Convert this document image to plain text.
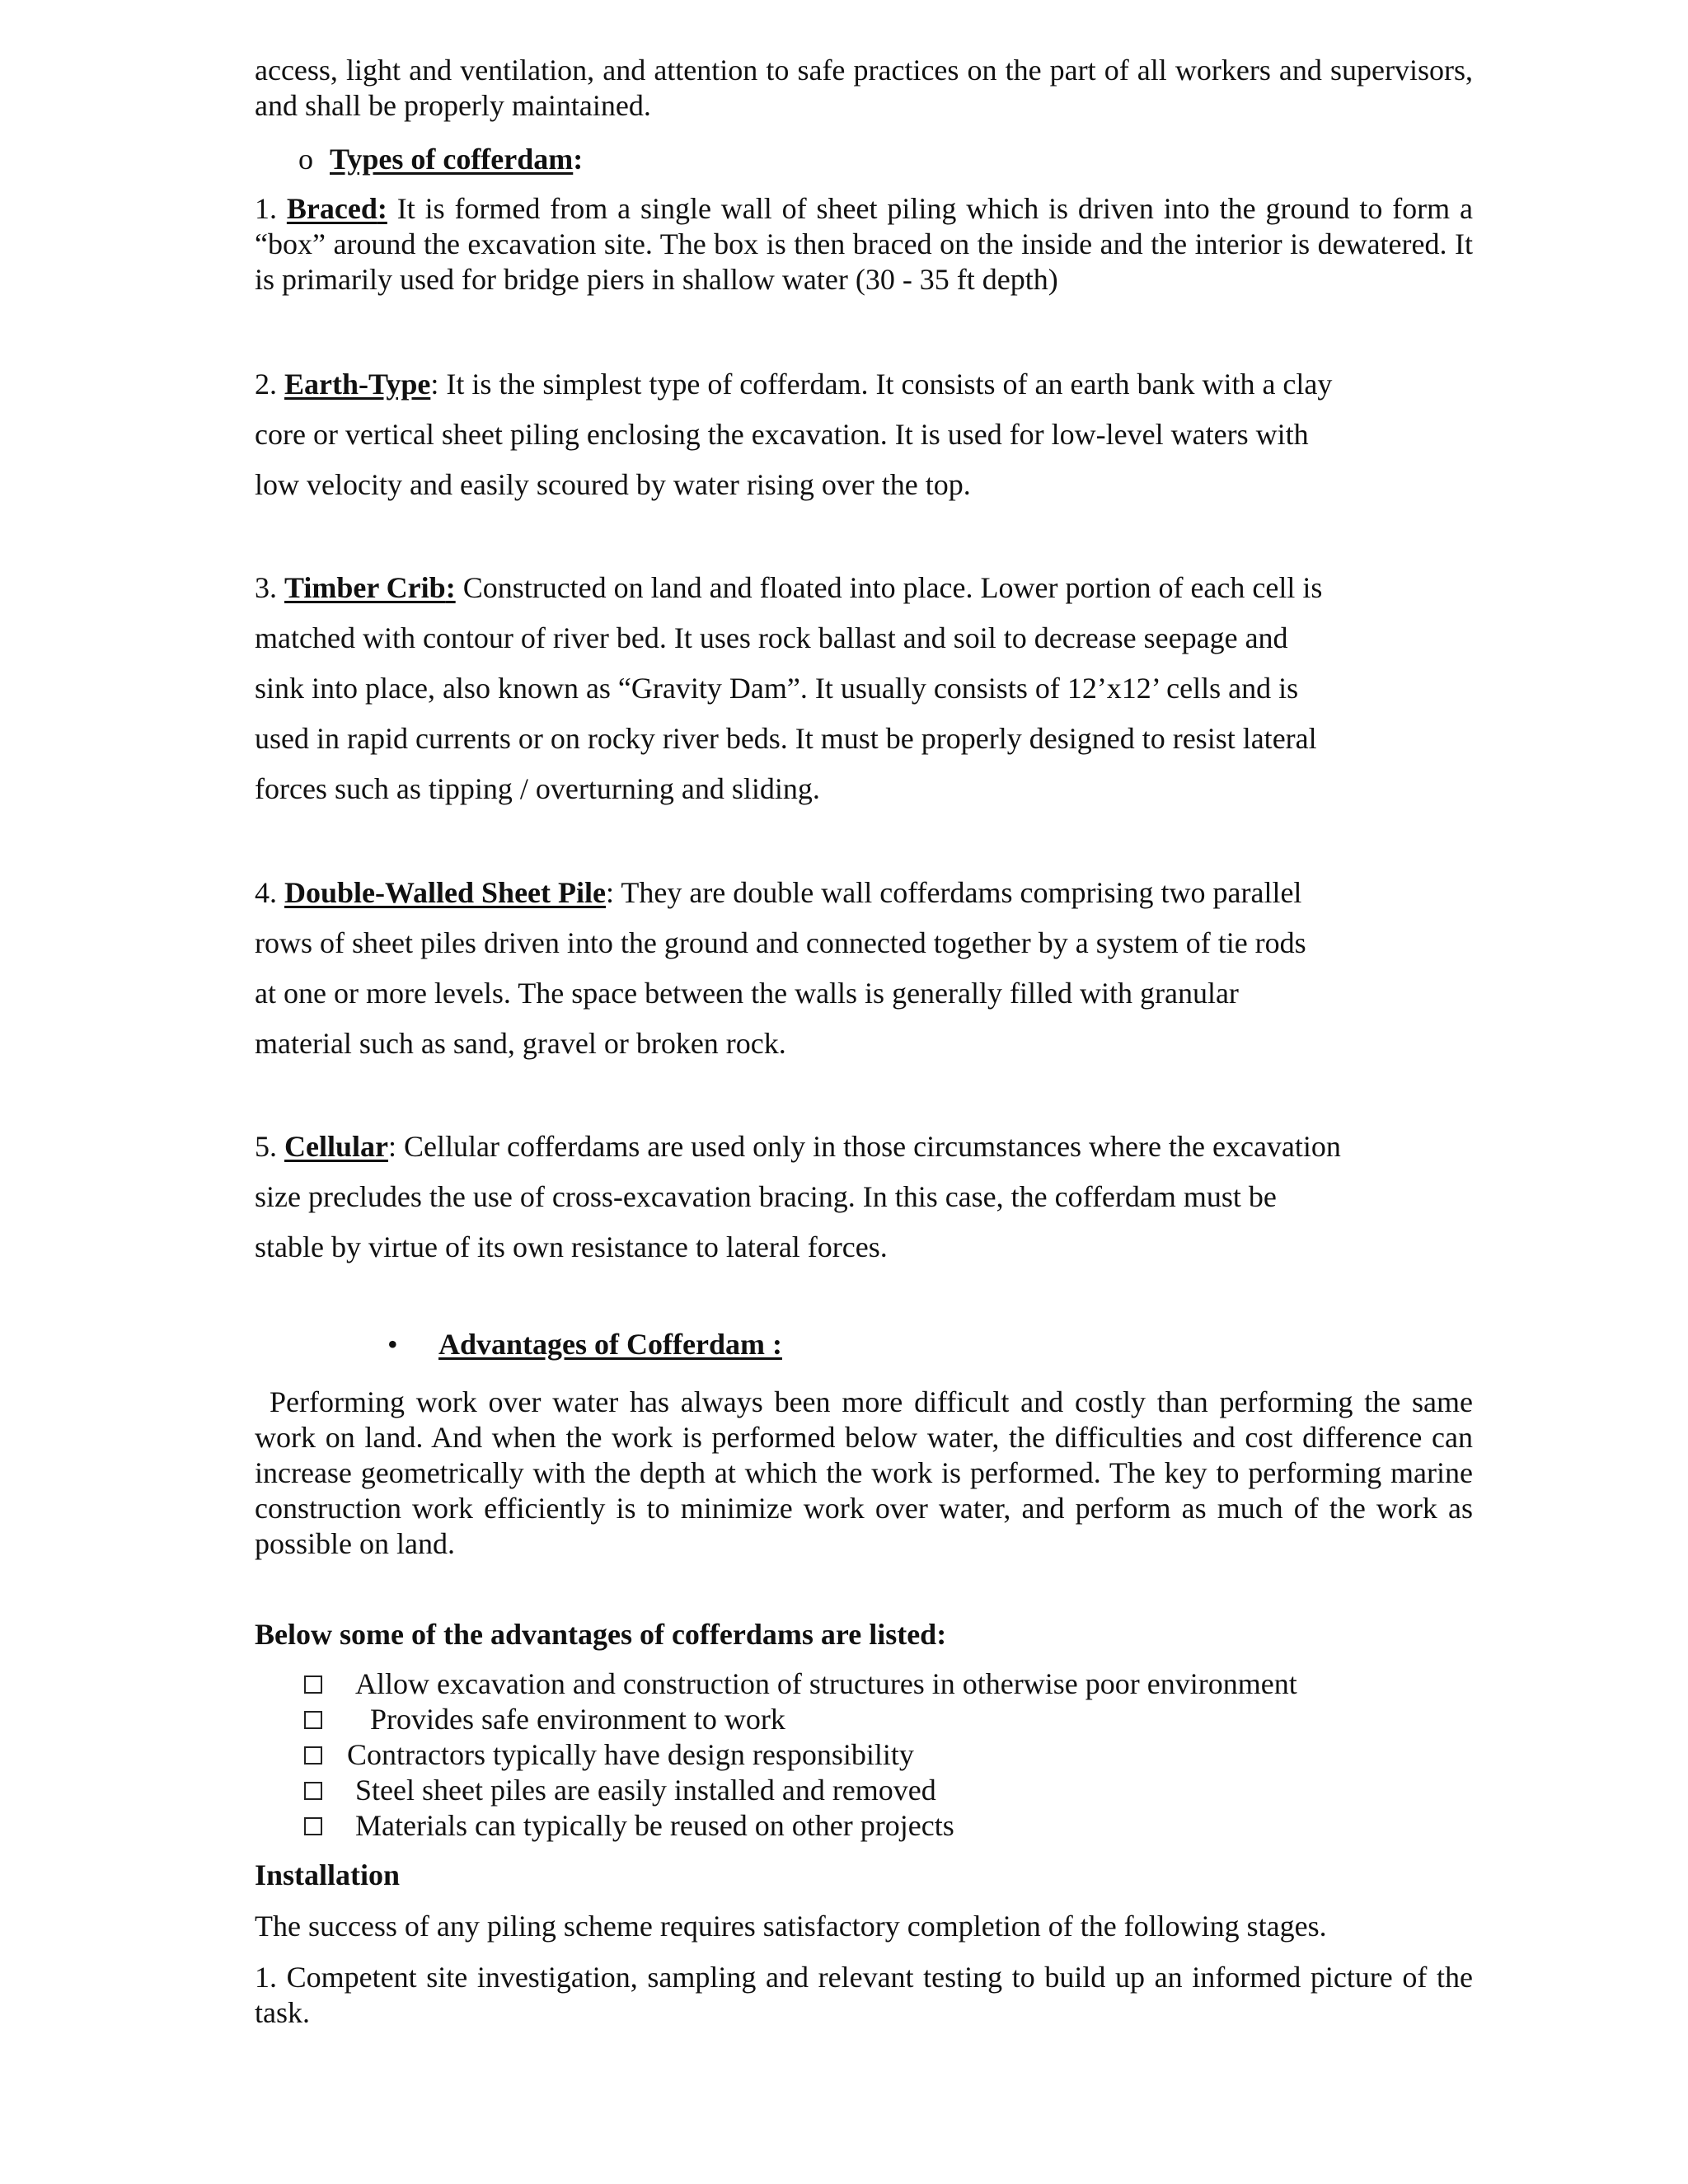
access, light and ventilation, and attention to safe practices on the part of all workers and supervisors, and shall be properly maintained.

o Types of cofferdam:

1. Braced: It is formed from a single wall of sheet piling which is driven into the ground to form a “box” around the excavation site. The box is then braced on the inside and the interior is dewatered. It is primarily used for bridge piers in shallow water (30 - 35 ft depth)

2. Earth-Type: It is the simplest type of cofferdam. It consists of an earth bank with a clay
core or vertical sheet piling enclosing the excavation. It is used for low-level waters with
low velocity and easily scoured by water rising over the top.
3. Timber Crib: Constructed on land and floated into place. Lower portion of each cell is
matched with contour of river bed. It uses rock ballast and soil to decrease seepage and
sink into place, also known as “Gravity Dam”. It usually consists of 12’x12’ cells and is
used in rapid currents or on rocky river beds. It must be properly designed to resist lateral
forces such as tipping / overturning and sliding.
4. Double-Walled Sheet Pile: They are double wall cofferdams comprising two parallel
rows of sheet piles driven into the ground and connected together by a system of tie rods
at one or more levels. The space between the walls is generally filled with granular
material such as sand, gravel or broken rock.
5. Cellular: Cellular cofferdams are used only in those circumstances where the excavation
size precludes the use of cross-excavation bracing. In this case, the cofferdam must be
stable by virtue of its own resistance to lateral forces.
• Advantages of Cofferdam :

Performing work over water has always been more difficult and costly than performing the same work on land. And when the work is performed below water, the difficulties and cost difference can increase geometrically with the depth at which the work is performed. The key to performing marine construction work efficiently is to minimize work over water, and perform as much of the work as possible on land.

Below some of the advantages of cofferdams are listed:

Allow excavation and construction of structures in otherwise poor environment
Provides safe environment to work
Contractors typically have design responsibility
Steel sheet piles are easily installed and removed
Materials can typically be reused on other projects

Installation

The success of any piling scheme requires satisfactory completion of the following stages.

1. Competent site investigation, sampling and relevant testing to build up an informed picture of the task.
